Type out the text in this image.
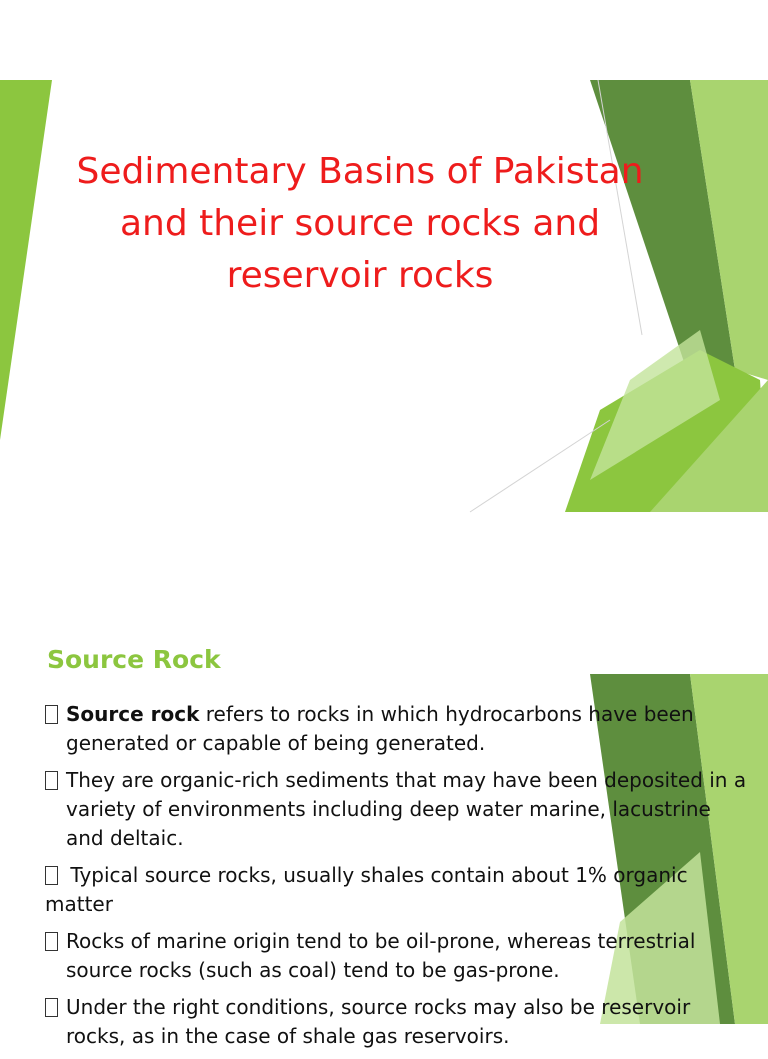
Sedimentary Basins of Pakistan
and their source rocks and
reservoir rocks
Source Rock
Source rock refers to rocks in which hydrocarbons have been generated or capable of being generated.
They are organic-rich sediments that may have been deposited in a variety of environments including deep water marine, lacustrine and deltaic.
Typical source rocks, usually shales contain about 1% organic matter
Rocks of marine origin tend to be oil-prone, whereas terrestrial source rocks (such as coal) tend to be gas-prone.
Under the right conditions, source rocks may also be reservoir rocks, as in the case of shale gas reservoirs.
